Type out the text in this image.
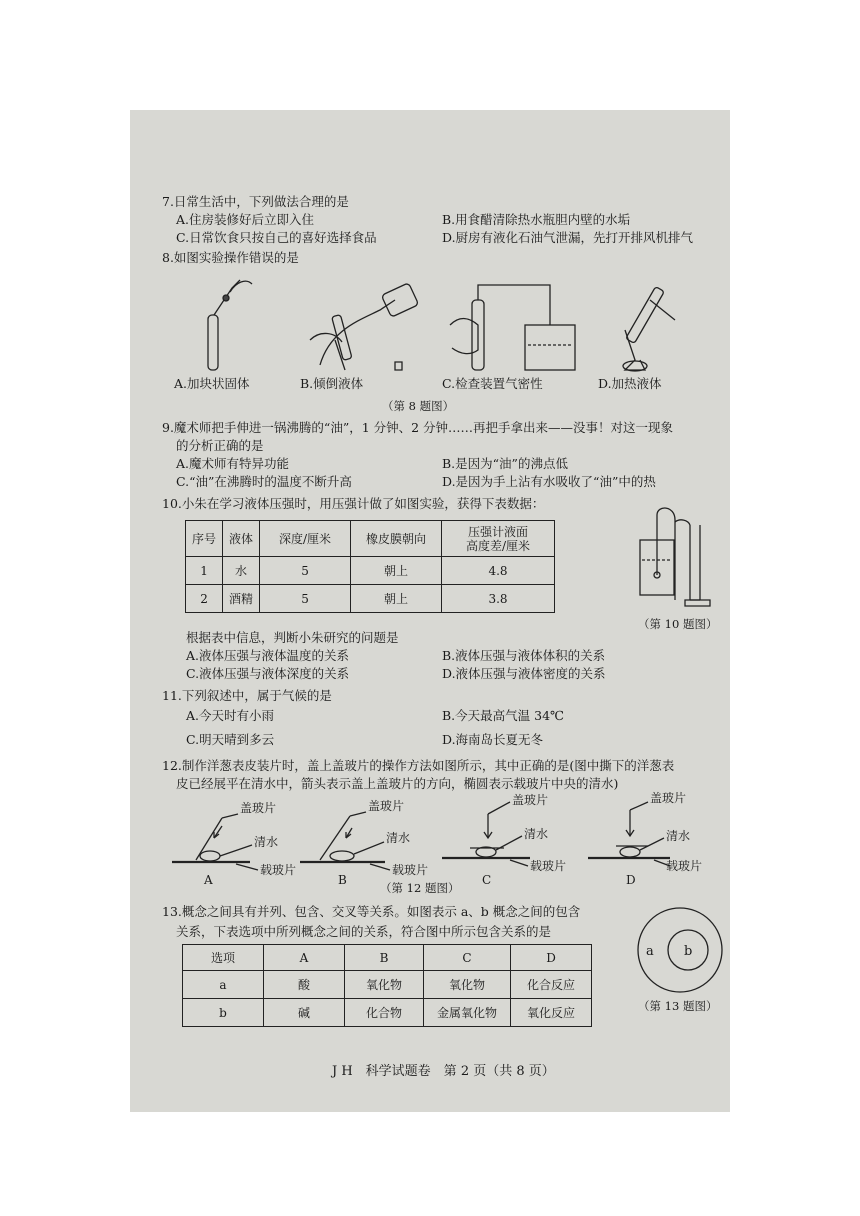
7.日常生活中，下列做法合理的是
A.住房装修好后立即入住	B.用食醋清除热水瓶胆内壁的水垢
C.日常饮食只按自己的喜好选择食品	D.厨房有液化石油气泄漏，先打开排风机排气
8.如图实验操作错误的是
A.加块状固体	B.倾倒液体	C.检查装置气密性	D.加热液体
（第 8 题图）
9.魔术师把手伸进一锅沸腾的“油”，1 分钟、2 分钟……再把手拿出来——没事！对这一现象
的分析正确的是
A.魔术师有特异功能	B.是因为“油”的沸点低
C.“油”在沸腾时的温度不断升高	D.是因为手上沾有水吸收了“油”中的热
10.小朱在学习液体压强时，用压强计做了如图实验，获得下表数据：
序号	液体	深度/厘米	橡皮膜朝向	压强计液面
高度差/厘米
1	水	5	朝上	4.8
2	酒精	5	朝上	3.8
（第 10 题图）
根据表中信息，判断小朱研究的问题是
A.液体压强与液体温度的关系	B.液体压强与液体体积的关系
C.液体压强与液体深度的关系	D.液体压强与液体密度的关系
11.下列叙述中，属于气候的是
A.今天时有小雨	B.今天最高气温 34℃
C.明天晴到多云	D.海南岛长夏无冬
12.制作洋葱表皮装片时，盖上盖玻片的操作方法如图所示，其中正确的是(图中撕下的洋葱表
皮已经展平在清水中，箭头表示盖上盖玻片的方向，椭圆表示载玻片中央的清水)
盖玻片
清水
载玻片
A
盖玻片
清水
载玻片
B
盖玻片
清水
载玻片
C
盖玻片
清水
载玻片
D
（第 12 题图）
13.概念之间具有并列、包含、交叉等关系。如图表示 a、b 概念之间的包含
关系，下表选项中所列概念之间的关系，符合图中所示包含关系的是
选项	A	B	C	D
a	酸	氧化物	氧化物	化合反应
b	碱	化合物	金属氧化物	氧化反应
a b
（第 13 题图）
J H　科学试题卷　第 2 页（共 8 页）
